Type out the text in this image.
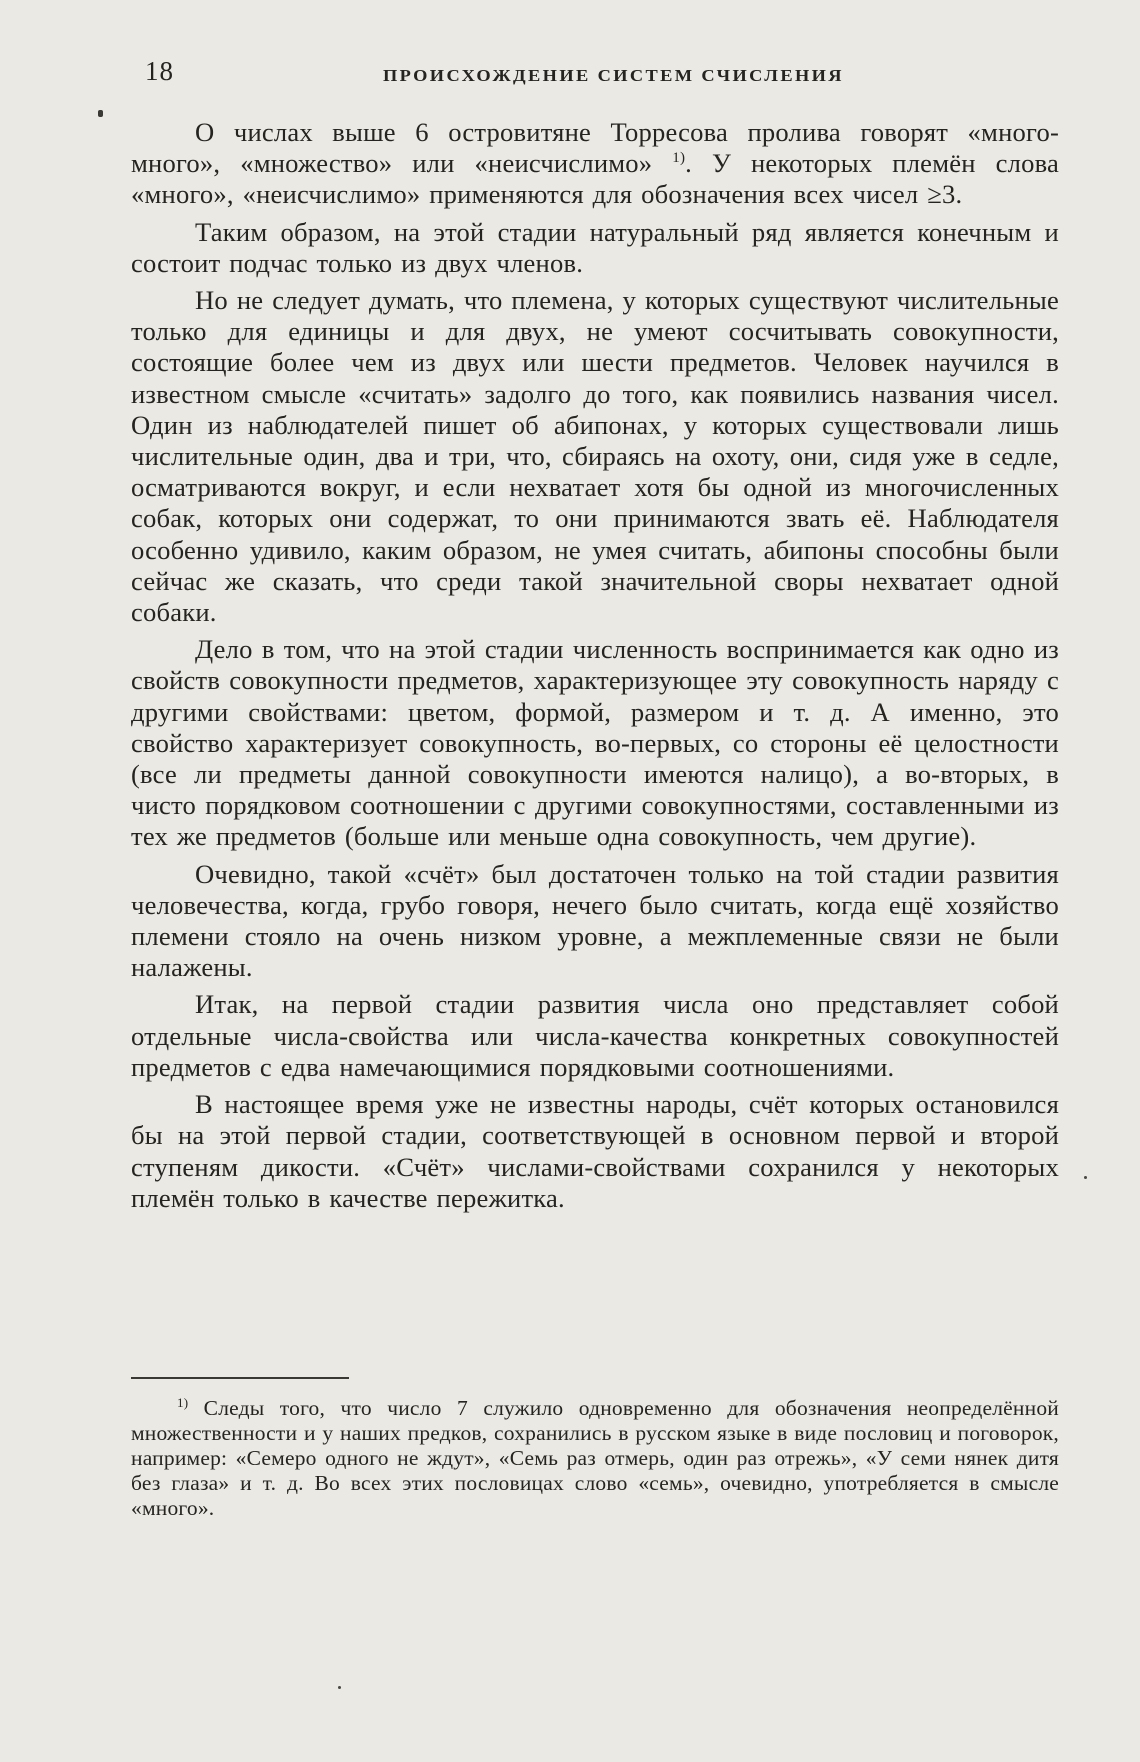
18	ПРОИСХОЖДЕНИЕ СИСТЕМ СЧИСЛЕНИЯ

О числах выше 6 островитяне Торресова пролива говорят «много-много», «множество» или «неисчислимо» $^{1)}$. У некоторых племён слова «много», «неисчислимо» применяются для обозначения всех чисел ≥3.

Таким образом, на этой стадии натуральный ряд является конечным и состоит подчас только из двух членов.

Но не следует думать, что племена, у которых существуют числительные только для единицы и для двух, не умеют сосчитывать совокупности, состоящие более чем из двух или шести предметов. Человек научился в известном смысле «считать» задолго до того, как появились названия чисел. Один из наблюдателей пишет об абипонах, у которых существовали лишь числительные один, два и три, что, сбираясь на охоту, они, сидя уже в седле, осматриваются вокруг, и если нехватает хотя бы одной из многочисленных собак, которых они содержат, то они принимаются звать её. Наблюдателя особенно удивило, каким образом, не умея считать, абипоны способны были сейчас же сказать, что среди такой значительной своры нехватает одной собаки.

Дело в том, что на этой стадии численность воспринимается как одно из свойств совокупности предметов, характеризующее эту совокупность наряду с другими свойствами: цветом, формой, размером и т. д. А именно, это свойство характеризует совокупность, во-первых, со стороны её целостности (все ли предметы данной совокупности имеются налицо), а во-вторых, в чисто порядковом соотношении с другими совокупностями, составленными из тех же предметов (больше или меньше одна совокупность, чем другие).

Очевидно, такой «счёт» был достаточен только на той стадии развития человечества, когда, грубо говоря, нечего было считать, когда ещё хозяйство племени стояло на очень низком уровне, а межплеменные связи не были налажены.

Итак, на первой стадии развития числа оно представляет собой отдельные числа-свойства или числа-качества конкретных совокупностей предметов с едва намечающимися порядковыми соотношениями.

В настоящее время уже не известны народы, счёт которых остановился бы на этой первой стадии, соответствующей в основном первой и второй ступеням дикости. «Счёт» числами-свойствами сохранился у некоторых племён только в качестве пережитка.

$^{1)}$ Следы того, что число 7 служило одновременно для обозначения неопределённой множественности и у наших предков, сохранились в русском языке в виде пословиц и поговорок, например: «Семеро одного не ждут», «Семь раз отмерь, один раз отрежь», «У семи нянек дитя без глаза» и т. д. Во всех этих пословицах слово «семь», очевидно, употребляется в смысле «много».
